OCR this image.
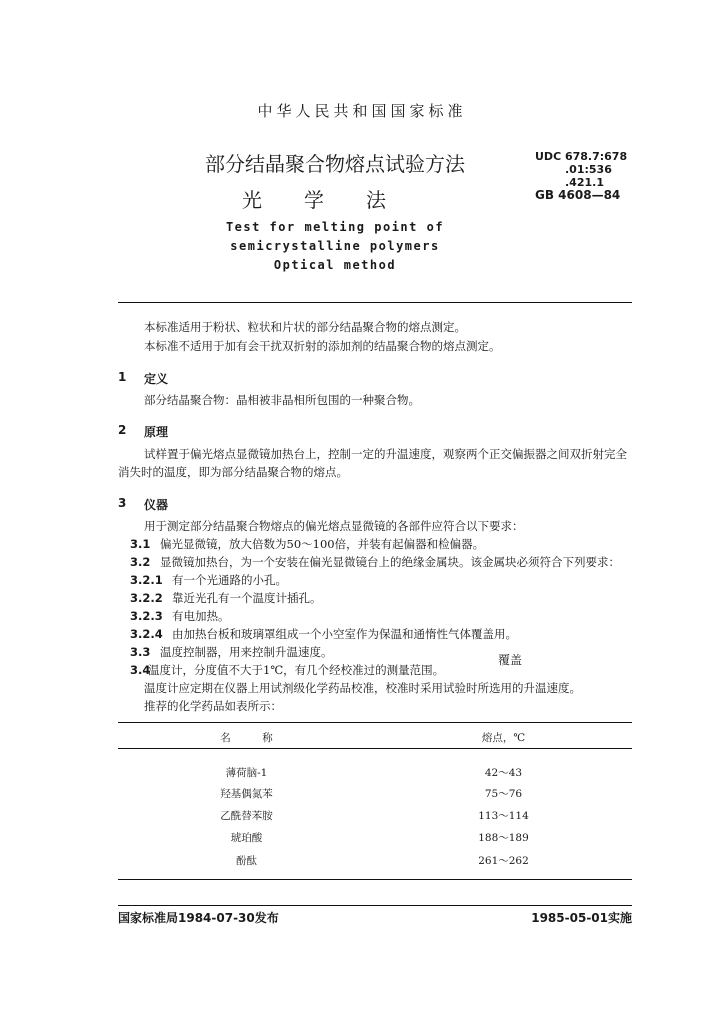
中华人民共和国国家标准
部分结晶聚合物熔点试验方法
光学法
UDC 678.7:678
.01:536
.421.1
GB 4608—84
Test for melting point of
semicrystalline polymers
Optical method
本标准适用于粉状、粒状和片状的部分结晶聚合物的熔点测定。
本标准不适用于加有会干扰双折射的添加剂的结晶聚合物的熔点测定。
1 定义
部分结晶聚合物：晶相被非晶相所包围的一种聚合物。
2 原理
试样置于偏光熔点显微镜加热台上，控制一定的升温速度，观察两个正交偏振器之间双折射完全
消失时的温度，即为部分结晶聚合物的熔点。
3 仪器
用于测定部分结晶聚合物熔点的偏光熔点显微镜的各部件应符合以下要求：
3.1 偏光显微镜，放大倍数为50～100倍，并装有起偏器和检偏器。
3.2 显微镜加热台，为一个安装在偏光显微镜台上的绝缘金属块。该金属块必须符合下列要求：
3.2.1 有一个光通路的小孔。
3.2.2 靠近光孔有一个温度计插孔。
3.2.3 有电加热。
3.2.4 由加热台板和玻璃罩组成一个小空室作为保温和通惰性气体覆盖用。
3.3 温度控制器，用来控制升温速度。
3.4
温度计，分度值不大于1℃，有几个经校准过的测量范围。
覆盖
温度计应定期在仪器上用试剂级化学药品校准，校准时采用试验时所选用的升温速度。
推荐的化学药品如表所示：
名　　　称	熔点，℃
薄荷脑-1	42～43
羟基偶氮苯	75～76
乙酰替苯胺	113～114
琥珀酸	188～189
酚酞	261～262
国家标准局1984-07-30发布	1985-05-01实施
